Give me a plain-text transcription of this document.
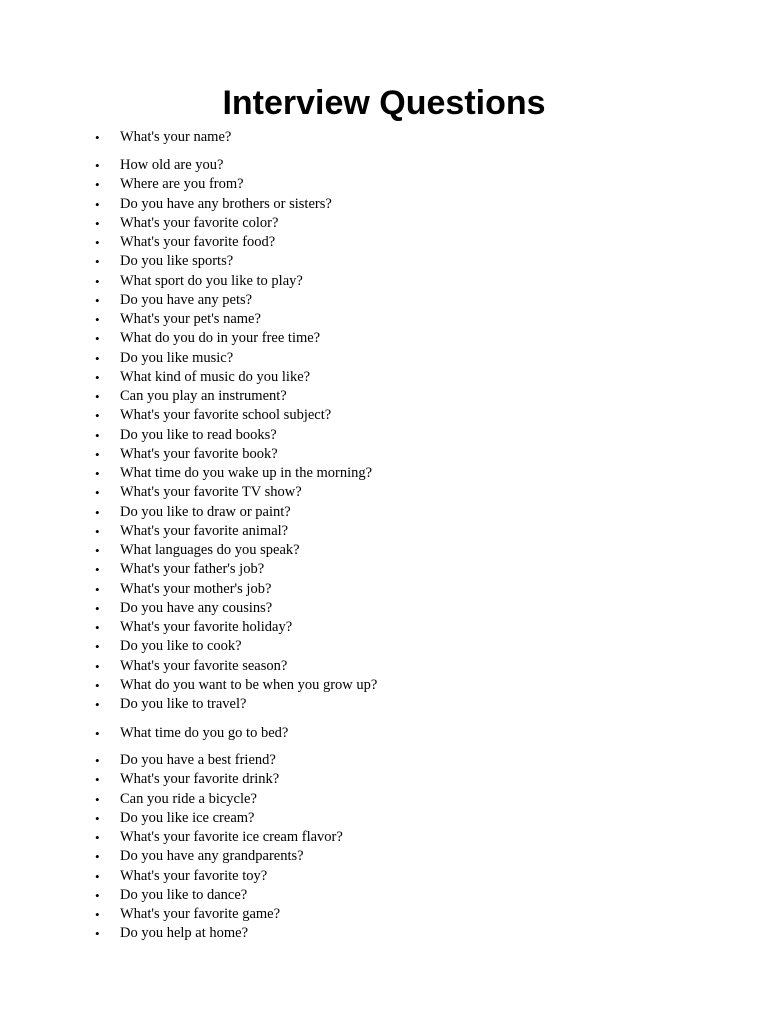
Interview Questions
• What's your name?
• How old are you?
• Where are you from?
• Do you have any brothers or sisters?
• What's your favorite color?
• What's your favorite food?
• Do you like sports?
• What sport do you like to play?
• Do you have any pets?
• What's your pet's name?
• What do you do in your free time?
• Do you like music?
• What kind of music do you like?
• Can you play an instrument?
• What's your favorite school subject?
• Do you like to read books?
• What's your favorite book?
• What time do you wake up in the morning?
• What's your favorite TV show?
• Do you like to draw or paint?
• What's your favorite animal?
• What languages do you speak?
• What's your father's job?
• What's your mother's job?
• Do you have any cousins?
• What's your favorite holiday?
• Do you like to cook?
• What's your favorite season?
• What do you want to be when you grow up?
• Do you like to travel?
• What time do you go to bed?
• Do you have a best friend?
• What's your favorite drink?
• Can you ride a bicycle?
• Do you like ice cream?
• What's your favorite ice cream flavor?
• Do you have any grandparents?
• What's your favorite toy?
• Do you like to dance?
• What's your favorite game?
• Do you help at home?
